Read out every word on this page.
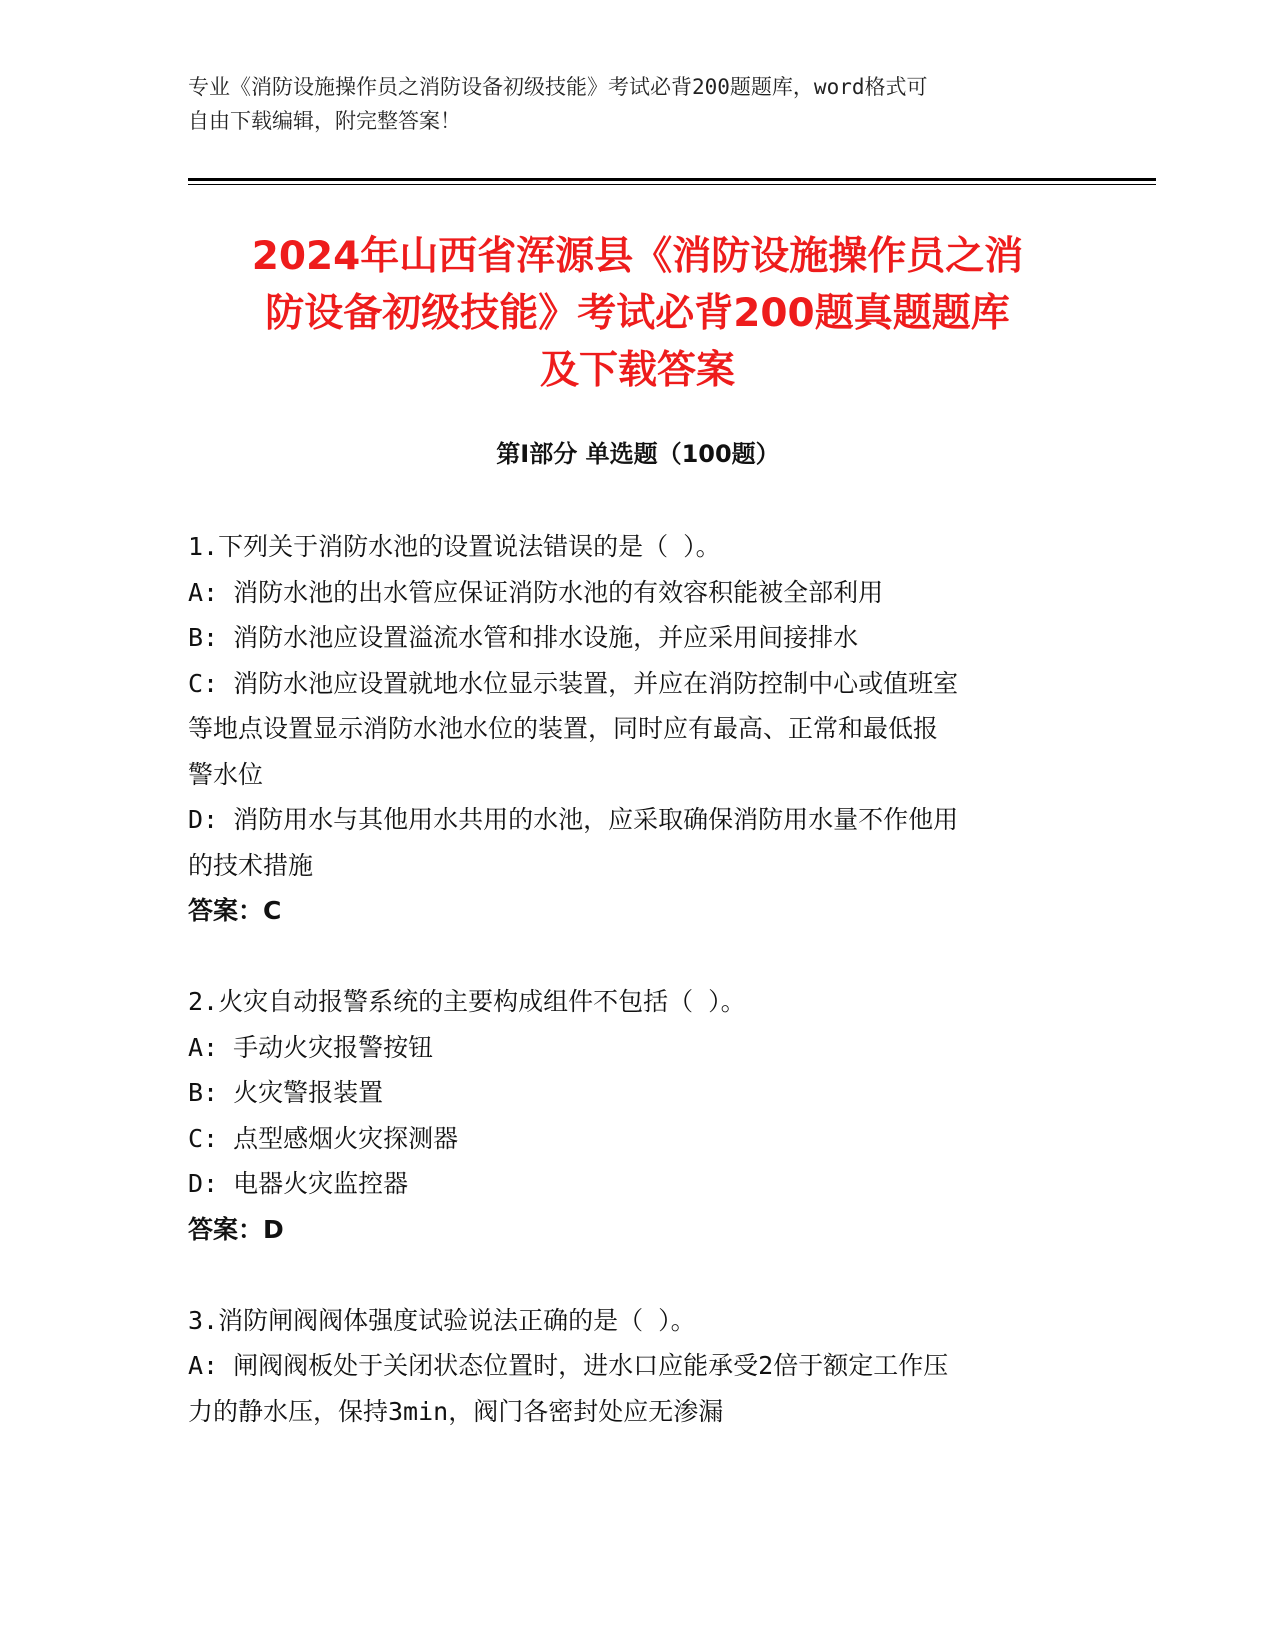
专业《消防设施操作员之消防设备初级技能》考试必背200题题库，word格式可
自由下载编辑，附完整答案！
2024年山西省浑源县《消防设施操作员之消
防设备初级技能》考试必背200题真题题库
及下载答案
第I部分 单选题（100题）

1.下列关于消防水池的设置说法错误的是（ ）。

A: 消防水池的出水管应保证消防水池的有效容积能被全部利用

B: 消防水池应设置溢流水管和排水设施，并应采用间接排水

C: 消防水池应设置就地水位显示装置，并应在消防控制中心或值班室

等地点设置显示消防水池水位的装置，同时应有最高、正常和最低报

警水位

D: 消防用水与其他用水共用的水池，应采取确保消防用水量不作他用

的技术措施

答案：C

2.火灾自动报警系统的主要构成组件不包括（ ）。

A: 手动火灾报警按钮

B: 火灾警报装置

C: 点型感烟火灾探测器

D: 电器火灾监控器

答案：D

3.消防闸阀阀体强度试验说法正确的是（ ）。

A: 闸阀阀板处于关闭状态位置时，进水口应能承受2倍于额定工作压

力的静水压，保持3min，阀门各密封处应无渗漏
